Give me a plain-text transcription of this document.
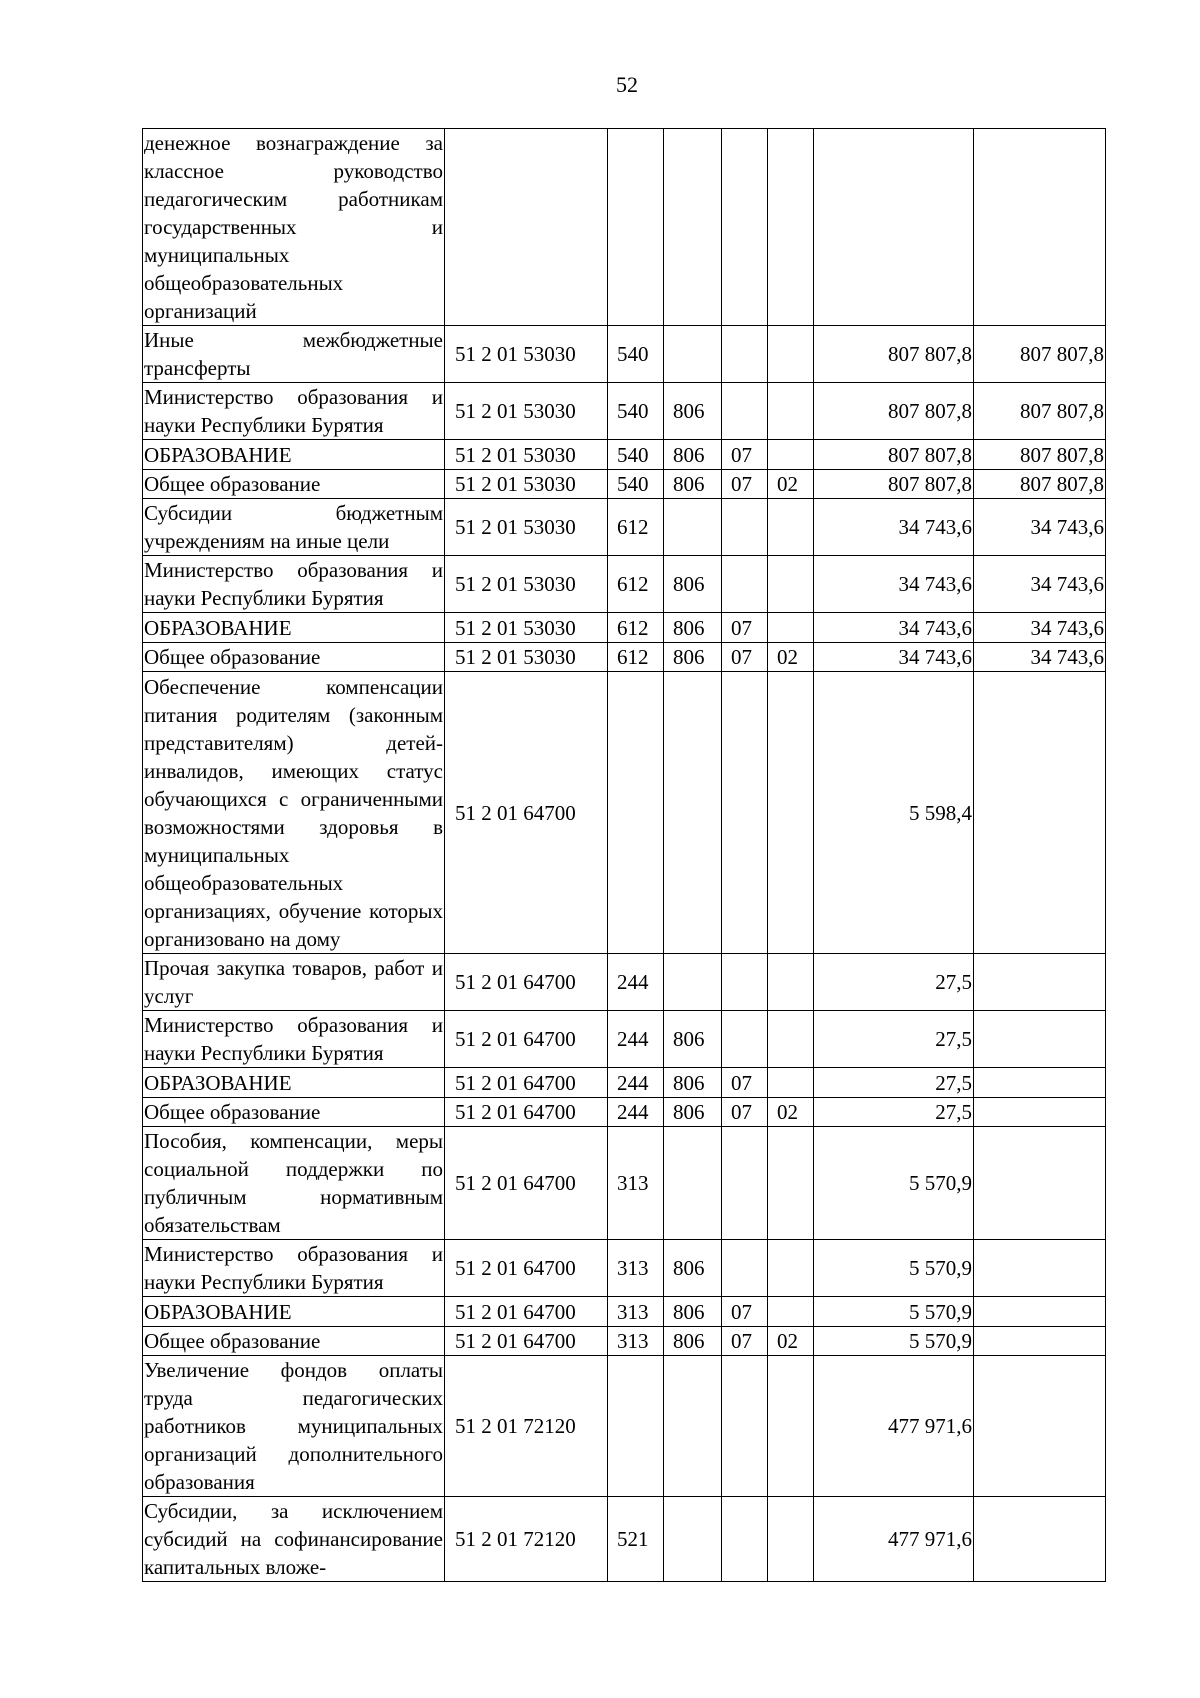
52
денежное вознаграждение за классное руководство педагогическим работникам государственных и муниципальных общеобразовательных организаций							
Иные межбюджетные трансферты	51 2 01 53030	540				807 807,8	807 807,8
Министерство образования и науки Республики Бурятия	51 2 01 53030	540	806			807 807,8	807 807,8
ОБРАЗОВАНИЕ	51 2 01 53030	540	806	07		807 807,8	807 807,8
Общее образование	51 2 01 53030	540	806	07	02	807 807,8	807 807,8
Субсидии бюджетным учреждениям на иные цели	51 2 01 53030	612				34 743,6	34 743,6
Министерство образования и науки Республики Бурятия	51 2 01 53030	612	806			34 743,6	34 743,6
ОБРАЗОВАНИЕ	51 2 01 53030	612	806	07		34 743,6	34 743,6
Общее образование	51 2 01 53030	612	806	07	02	34 743,6	34 743,6
Обеспечение компенсации питания родителям (законным представителям) детей-инвалидов, имеющих статус обучающихся с ограниченными возможностями здоровья в муниципальных общеобразовательных организациях, обучение которых организовано на дому	51 2 01 64700					5 598,4	
Прочая закупка товаров, работ и услуг	51 2 01 64700	244				27,5	
Министерство образования и науки Республики Бурятия	51 2 01 64700	244	806			27,5	
ОБРАЗОВАНИЕ	51 2 01 64700	244	806	07		27,5	
Общее образование	51 2 01 64700	244	806	07	02	27,5	
Пособия, компенсации, меры социальной поддержки по публичным нормативным обязательствам	51 2 01 64700	313				5 570,9	
Министерство образования и науки Республики Бурятия	51 2 01 64700	313	806			5 570,9	
ОБРАЗОВАНИЕ	51 2 01 64700	313	806	07		5 570,9	
Общее образование	51 2 01 64700	313	806	07	02	5 570,9	
Увеличение фондов оплаты труда педагогических работников муниципальных организаций дополнительного образования	51 2 01 72120					477 971,6	
Субсидии, за исключением субсидий на софинансирование капитальных вложе-	51 2 01 72120	521				477 971,6	
